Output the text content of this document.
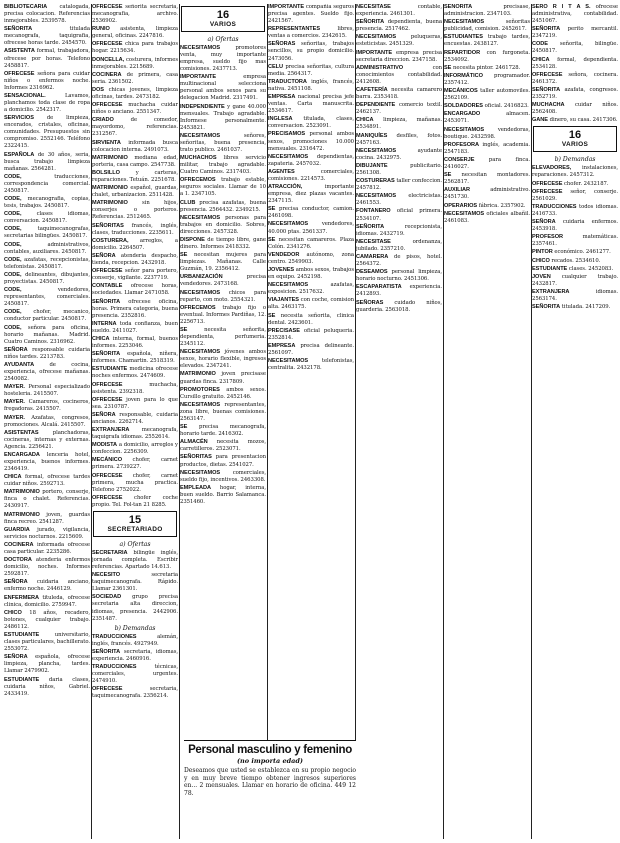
BIBLIOTECARIA catalogada, precisa colocacion. Referencias inmejorables. 2539578.

SEÑORITA	titulada mecanografa, taquigrafia, ofrecese horas tarde. 2454570.

ASISTENTA formal, trabajadora, ofrecese por horas. Telefono 2458817.

OFRECESE señora para cuidar niños o enfermos noche. Informes 2316962.

SENSACIONAL.	Lavamos, planchamos toda clase de ropa a domicilio. 2542317.

SERVICIOS de limpieza, encerados, cristales, oficinas, comunidades. Presupuestos sin compromiso. 2552146. Teléfono 2322415.

ESPAÑOLA de 30 años, seria, busca trabajo limpieza mañanas. 2564281.

CODE,	traducciones, correspondencia comercial. 2450817.

CODE, mecanografia, copias, tesis, trabajos. 2450817.

CODE,	clases idiomas, conversacion. 2450817.

CODE,	taquimecanografas, secretarias bilingües. 2450817.

CODE,	administrativos, contables, auxiliares. 2450817.

CODE, azafatas, recepcionistas, telefonistas. 2450817.

CODE, delineantes, dibujantes, proyectistas. 2450817.

CODE,	vendedores, representantes, comerciales. 2450817.

CODE, chofer, mecanico, conductor particular. 2450817.

CODE, señora para oficina, horario mañanas. Madrid. Cuatro Caminos. 2316962.

SEÑORA responsable cuidaria niños tardes. 2213783.

AYUDANTA	de cocina, experiencia, ofrecese mañanas. 2540082.

MAYER. Personal especializado hosteleria. 2415507.

MAYER. Camareros, cocineros, fregadoras. 2415507.

MAYER. Azafatas, congresos, promociones. Alcalá. 2415507.

ASISTENTAS	planchadoras, cocineras, internas y externas. Agencia. 2256421.

ENCARGADA lenceria hotel, experiencia, buenos informes. 2346419.

CHICA formal, ofrecese tardes cuidar niños. 2592713.

MATRIMONIO portero, conserje, finca o chalet. Referencias. 2430917.

MATRIMONIO joven, guardas finca recreo. 2541287.

GUARDIA jurado, vigilancia, servicios nocturnos. 2215609.

COCINERA informada ofrecese casa particular. 2235286.

DOCTORA atenderia enfermos domicilio, noches. Informes 2592817.

SEÑORA cuidaria anciano, enfermo noche. 2446129.

ENFERMERA tituleda, ofrecese clinica, domicilio. 2759947.

CHICO 18 años, recadero, botones, cualquier trabajo. 2486112.

ESTUDIANTE	universitario, clases particulares, bachillerato. 2553072.

SEÑORA española, ofrecese limpieza, plancha, tardes. Llamar 2479902.

ESTUDIANTE daria clases, cuidaria niños, Gabriel. 2433419.

OFRECESE señorita secretaria, mecanografia, archivo. 2536902.

RUNIO asistenta, limpieza general, oficinas. 2247816.

OFRECESE chica para trabajos hogar. 2215634.

DONCELLA, costurera, informes inmejorables. 2215689.

COCINERA de primera, casa seria. 2361502.

DOS chicas jovenes, limpieza oficinas, tardes. 2473182.

OFRECESE muchacha cuidar niños o anciano. 2551347.

CRIADO	de comedor, mayordomo, referencias. 2312567.

SIRVIENTA informada busca colocacion interna. 2491073.

MATRIMONIO mediana edad, porteria, casa campo. 2547738.

BOLSILLO	y carteras, reparaciones. Tetuán. 2251678.

MATRIMONIO español, guardas, chalet, urbanizacion. 2511428.

MATRIMONIO	sin hijos, conserjes o porteros. Referencias. 2512465.

SEÑORITAS francés, inglés, clases, traducciones. 2235611.

COSTURERA, arreglos, a domicilio. 2264507.

SEÑORA atenderia despacho, tienda, recepcion. 2432918.

OFRECESE señor para portero, conserje, vigilante. 2237719.

CONTABLE ofrecese horas, sociedades. Llamar 2471058.

SEÑORITA ofrecese oficina, horas. Primera categoria, buena presencia. 2352816.

INTERNA toda confianza, buen sueldo. 2411027.

CHICA interna, formal, buenos informes. 2253046.

SEÑORITA española, niñera, informes. Chamartin. 2518319.

ESTUDIANTE medicina ofrecese noches enfermos. 2474609.

OFRECESE	muchacha, asistenta. 2392318.

OFRECESE joven para lo que sea. 2310787.

SEÑORA responsable, cuidaria ancianos. 2262714.

EXTRANJERA mecanografa, taquigrafa idiomas. 2552614.

MODISTA a domicilio, arreglos y confeccion. 2256309.

MECÁNICO chofer, carnet primera. 2739227.

OFRECESE chofer, carnet primera, mucha practica. Telefono 2752022.

OFRECESE chofer coche propio. Tel. Fol-tan 21 8285.

15
SECRETARIADO
a) Ofertas

SECRETARIA bilingüe inglés, jornada completa. Escribir referencias. Apartado 14.613.

NECESITO	secretaria taquimecanografa. Rápido. Llamar 2361301.

SOCIEDAD grupo precisa secretaria alta direccion, idiomas, presencia. 2442906. 2351487.

b) Demandas

TRADUCCIONES	alemán, inglés, francés. 4927949.

SEÑORITA secretaria, idiomas, experiencia. 2460916.

TRADUCCIONES	técnicas, comerciales, urgentes. 2474910.

OFRECESE	secretaria, taquimecanografa. 2356214.

16
VARIOS
a) Ofertas

NECESITAMOS	promotores venta, muy importante empresa, sueldo fijo mas comisiones. 2437713.

IMPORTANTE	empresa multinacional selecciona personal ambos sexos para su delegacion Madrid. 2317491.

INDEPENDIENTE y gane 40.000 mensuales. Trabajo agradable. Informese personalmente. 2453821.

NECESITAMOS	señores, señoritas, buena presencia, trato publico. 2461037.

MUCHACHOS libres servicio militar, trabajo agradable. Cuatro Caminos. 2317403.

OFRECEMOS trabajo estable, seguros sociales. Llamar de 10 a 1. 2347105.

CLUB precisa azafatas, buena presencia. 2564432. 2349215.

NECESITAMOS personas para trabajos en domicilio. Sobres, direcciones. 2457328.

DISPONE de tiempo libre, gane dinero. Informes 2418332.

SE necesitan mujeres para limpiezas. Mañanas. Calle Guzmán, 19. 2356412.

URBANIZACIÓN	precisa vendedores. 2473168.

NECESITAMOS chicos para reparto, con moto. 2554321.

OFRECEMOS trabajo fijo o eventual. Informes Pardiñas, 12. 2256713.

SE	necesita señorita, dependienta, perfumeria. 2345112.

NECESITAMOS jóvenes ambos sexos, horario flexible, ingresos elevados. 2347241.

MATRIMONIO joven precisase guardas finca. 2317809.

PROMOTORES ambos sexos. Cursillo gratuito. 2452146.

NECESITAMOS representantes, zona libre, buenas comisiones. 2563147.

SE precisa mecanografa, horario tarde. 2416302.

ALMACÉN necesita mozos, carretilleros. 2523071.

SEÑORITAS para presentacion productos, dietas. 2541027.

NECESITAMOS comerciales, sueldo fijo, incentivos. 2463308.

EMPLEADA hogar, interna, buen sueldo. Barrio Salamanca. 2351460.

IMPORTANTE compañia seguros precisa agentes. Sueldo fijo. 2421567.

REPRESENTANTES	libres, ventas a comercios. 2342615.

SEÑORAS señoritas, trabajos sencillos, su propio domicilio. 2473056.

CELU precisa señoritas, cultura media. 2564317.

TRADUCTORA inglés, francés, nativa. 2451108.

EMPRESA nacional precisa jefe ventas. Carta manuscrita. 2534617.

INGLESA titulada, clases, conversacion. 2523091.

PRECISAMOS personal ambos sexos, promociones 10.000 mensuales. 2316472.

NECESITAMOS dependientas, zapateria. 2457032.

AGENTES	comerciales, comisiones. 2214573.

ATRACCIÓN,	importante empresa, diez plazas vacantes. 2347115.

SE precisa conductor, camion. 2461098.

NECESITAMOS	vendedores, 40.000 ptas. 2561337.

SE necesitan camareros. Plaza Colón. 2341276.

VENDEDOR autónomo, zona centro. 2549903.

JOVENES ambos sexos, trabajos en equipo. 2452198.

NECESITAMOS	azafatas, exposicion. 2517632.

VIAJANTES con coche, comision alta. 2463175.

SE necesita señorita, clinica dental. 2423601.

PRECISASE oficial peluqueria. 2352814.

EMPRESA precisa delineante. 2561097.

NECESITAMOS	telefonistas, centralita. 2432178.

NECESITASE	contable, experiencia. 2461301.

SEÑORITA dependienta, buena presencia. 2517462.

NECESITAMOS	peluqueras, esteticistas. 2451329.

IMPORTANTE empresa precisa secretaria direccion. 2347158.

ADMINISTRATIVO	con conocimientos contabilidad. 2412608.

CAFETERÍA necesita camarero barra. 2353418.

DEPENDIENTE comercio textil. 2462137.

CHICA limpieza, mañanas. 2534891.

MANIQUÍES desfiles, fotos. 2457163.

NECESITAMOS	ayudante cocina. 2432975.

DIBUJANTE	publicitario. 2561308.

COSTURERAS taller confeccion. 2457812.

NECESITAMOS electricistas. 2461553.

FONTANERO oficial primera. 2534107.

SEÑORITA	recepcionista, idiomas. 2432719.

NECESITASE	ordenanza, jubilado. 2357210.

CAMARERA de pisos, hotel. 2564372.

DESEAMOS personal limpieza, horario nocturno. 2451306.

ESCAPARATISTA experiencia. 2412893.

SEÑORAS cuidado niños, guarderia. 2563018.

SEÑORITA	precisase, administracion. 2347103.

NECESITAMOS	señoritas publicidad, comision. 2452617.

ESTUDIANTES trabajo tardes, encuestas. 2438127.

REPARTIDOR con furgoneta. 2534092.

SE necesita pintor. 2461728.

INFORMÁTICO programador. 2357412.

MECÁNICOS taller automoviles. 2562109.

SOLDADORES oficial. 2416823.

ENCARGADO	almacen. 2453071.

NECESITAMOS	vendedoras, boutique. 2432598.

PROFESORA inglés, academia. 2547183.

CONSERJE	para finca. 2416027.

SE necesitan montadores. 2562817.

AUXILIAR	administrativo. 2451730.

OPERARIOS fábrica. 2357902.

NECESITAMOS oficiales albañil. 2461083.

SERO R I T A S. ofrecese administrativa, contabilidad. 2451067.

SEÑORITA perito mercantil. 2347219.

CODE señorita, bilingüe. 2450817.

CHICA formal, dependienta. 2534128.

OFRECESE señora, cocinera. 2461372.

SEÑORITA azafata, congresos. 2352719.

MUCHACHA cuidar niños. 2562408.

GANE dinero, su casa. 2417306.

16
VARIOS
b) Demandas

ELEVADORES, instalaciones, reparaciones. 2457312.

OFRECESE chofer. 2432187.

OFRECESE señor, conserje. 2561029.

TRADUCCIONES todos idiomas. 2416733.

SEÑORA cuidaria enfermos. 2453918.

PROFESOR	matemáticas. 2357461.

PINTOR económico. 2461277.

CHICO recados. 2534610.

ESTUDIANTE clases. 2452083.

JOVEN cualquier trabajo. 2432817.

EXTRANJERA	idiomas. 2563174.

SEÑORITA titulada. 2417209.

Personal masculino y femenino
(no importa edad)
Deseamos que usted se establezca en su propio negocio y en muy breve tiempo obtener ingresos superiores en... 2 mensuales. Llamar en horario de oficina. 449 12 78.
